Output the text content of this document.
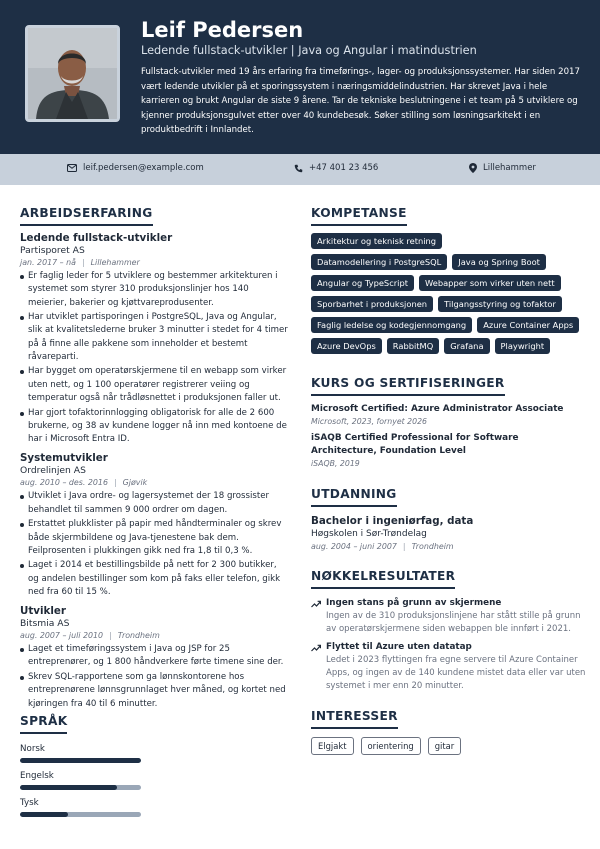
Leif Pedersen
Ledende fullstack-utvikler | Java og Angular i matindustrien
Fullstack-utvikler med 19 års erfaring fra timeførings-, lager- og produksjonssystemer. Har siden 2017 vært ledende utvikler på et sporingssystem i næringsmiddelindustrien. Har skrevet Java i hele karrieren og brukt Angular de siste 9 årene. Tar de tekniske beslutningene i et team på 5 utviklere og kjenner produksjonsgulvet etter over 40 kundebesøk. Søker stilling som løsningsarkitekt i en produktbedrift i Innlandet.
leif.pedersen@example.com	+47 401 23 456	Lillehammer
ARBEIDSERFARING
Ledende fullstack-utvikler
Partisporet AS
jan. 2017 – nå | Lillehammer
Er faglig leder for 5 utviklere og bestemmer arkitekturen i systemet som styrer 310 produksjonslinjer hos 140 meierier, bakerier og kjøttvareprodusenter.
Har utviklet partisporingen i PostgreSQL, Java og Angular, slik at kvalitetslederne bruker 3 minutter i stedet for 4 timer på å finne alle pakkene som inneholder et bestemt råvareparti.
Har bygget om operatørskjermene til en webapp som virker uten nett, og 1 100 operatører registrerer veiing og temperatur også når trådløsnettet i produksjonen faller ut.
Har gjort tofaktorinnlogging obligatorisk for alle de 2 600 brukerne, og 38 av kundene logger nå inn med kontoene de har i Microsoft Entra ID.
Systemutvikler
Ordrelinjen AS
aug. 2010 – des. 2016 | Gjøvik
Utviklet i Java ordre- og lagersystemet der 18 grossister behandlet til sammen 9 000 ordrer om dagen.
Erstattet plukklister på papir med håndterminaler og skrev både skjermbildene og Java-tjenestene bak dem. Feilprosenten i plukkingen gikk ned fra 1,8 til 0,3 %.
Laget i 2014 et bestillingsbilde på nett for 2 300 butikker, og andelen bestillinger som kom på faks eller telefon, gikk ned fra 60 til 15 %.
Utvikler
Bitsmia AS
aug. 2007 – juli 2010 | Trondheim
Laget et timeføringssystem i Java og JSP for 25 entreprenører, og 1 800 håndverkere førte timene sine der.
Skrev SQL-rapportene som ga lønnskontorene hos entreprenørene lønnsgrunnlaget hver måned, og kortet ned kjøringen fra 40 til 6 minutter.
SPRÅK
Norsk
Engelsk
Tysk
KOMPETANSE
Arkitektur og teknisk retning
Datamodellering i PostgreSQL	Java og Spring Boot
Angular og TypeScript	Webapper som virker uten nett
Sporbarhet i produksjonen	Tilgangsstyring og tofaktor
Faglig ledelse og kodegjennomgang	Azure Container Apps
Azure DevOps	RabbitMQ	Grafana	Playwright
KURS OG SERTIFISERINGER
Microsoft Certified: Azure Administrator Associate
Microsoft, 2023, fornyet 2026
iSAQB Certified Professional for Software Architecture, Foundation Level
iSAQB, 2019
UTDANNING
Bachelor i ingeniørfag, data
Høgskolen i Sør-Trøndelag
aug. 2004 – juni 2007 | Trondheim
NØKKELRESULTATER
Ingen stans på grunn av skjermene
Ingen av de 310 produksjonslinjene har stått stille på grunn av operatørskjermene siden webappen ble innført i 2021.
Flyttet til Azure uten datatap
Ledet i 2023 flyttingen fra egne servere til Azure Container Apps, og ingen av de 140 kundene mistet data eller var uten systemet i mer enn 20 minutter.
INTERESSER
Elgjakt	orientering	gitar
